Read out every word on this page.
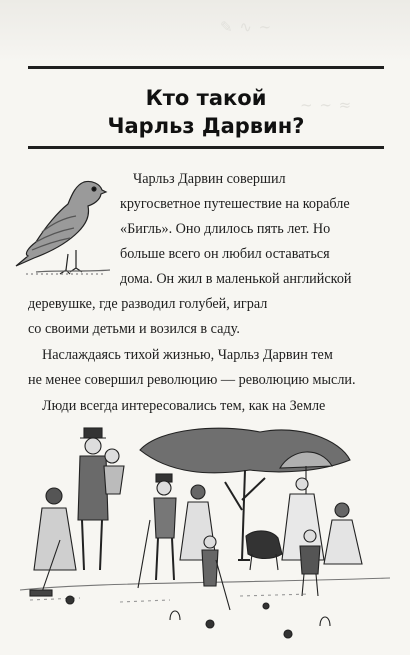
✎ ∿ ∼
~ ∼ ≈
Кто такой
Чарльз Дарвин?
Чарльз Дарвин совершил
кругосветное путешествие на корабле
«Бигль». Оно длилось пять лет. Но
больше всего он любил оставаться
дома. Он жил в маленькой английской
деревушке, где разводил голубей, играл
со своими детьми и возился в саду.
Наслаждаясь тихой жизнью, Чарльз Дарвин тем
не менее совершил революцию — революцию мысли.
Люди всегда интересовались тем, как на Земле
